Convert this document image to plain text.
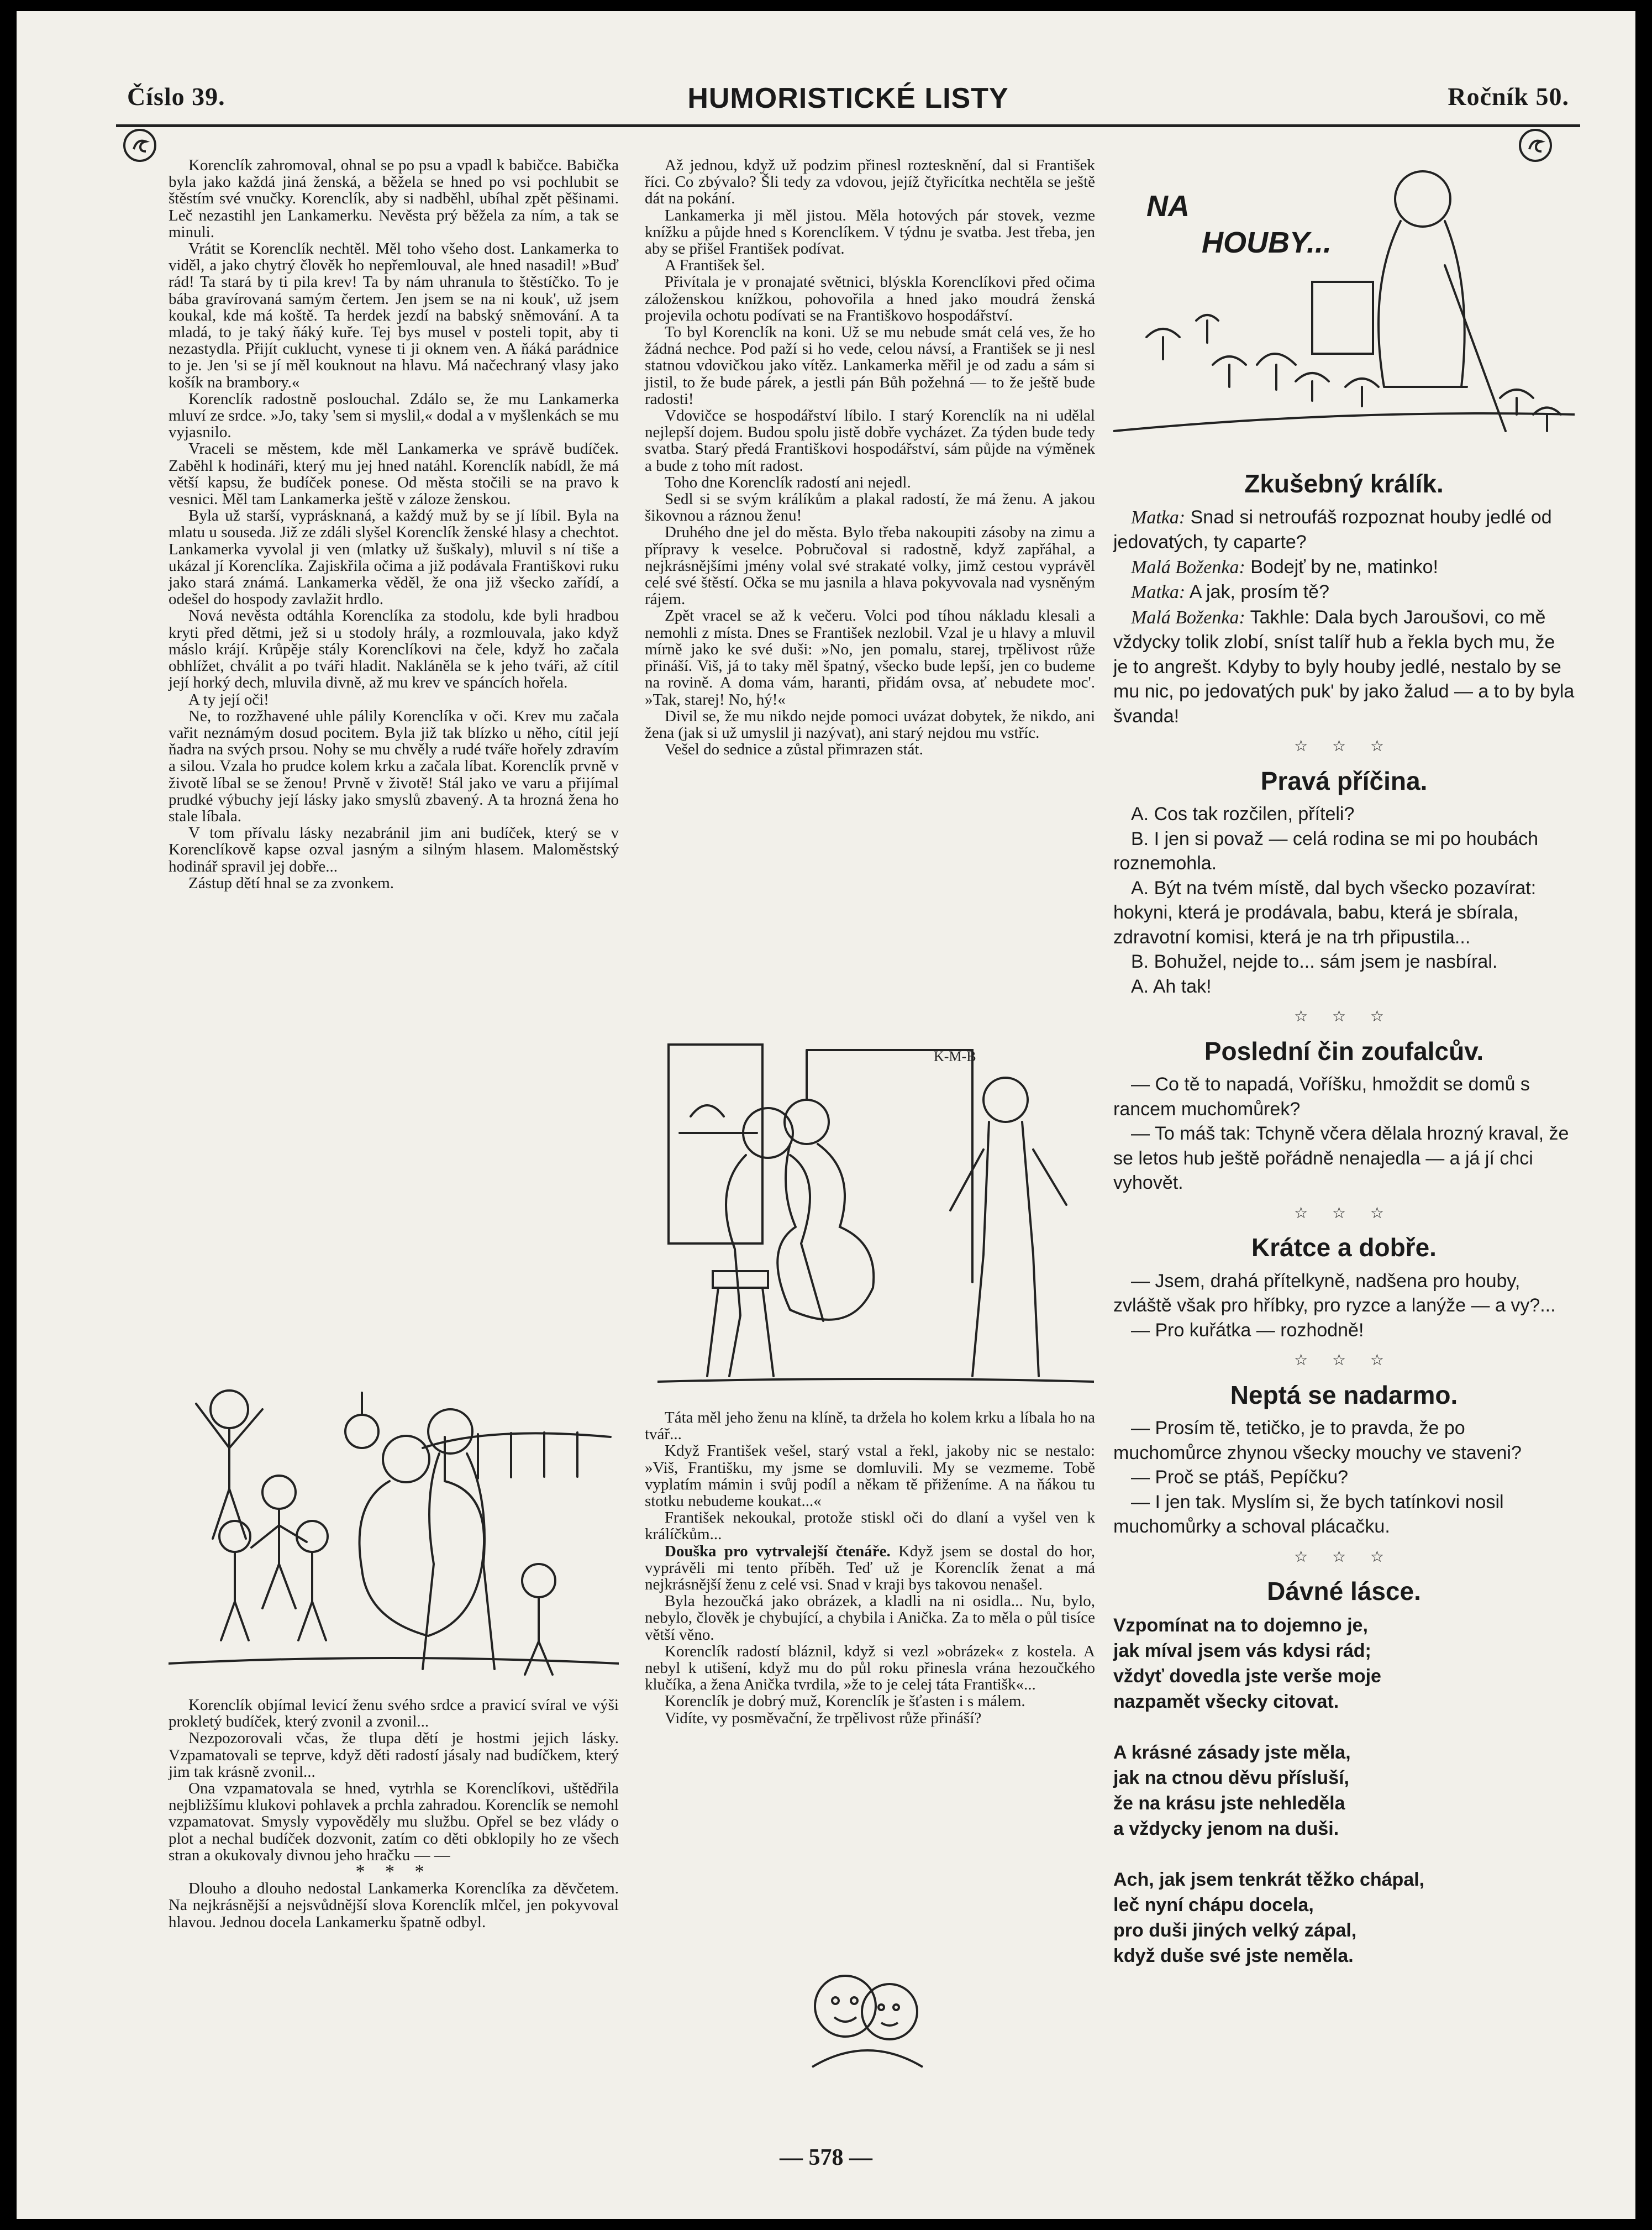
Číslo 39.	HUMORISTICKÉ LISTY	Ročník 50.

Korenclík zahromoval, ohnal se po psu a vpadl k babičce. Babička byla jako každá jiná ženská, a běžela se hned po vsi pochlubit se štěstím své vnučky. Korenclík, aby si nadběhl, ubíhal zpět pěšinami. Leč nezastihl jen Lankamerku. Nevěsta prý běžela za ním, a tak se minuli.

Vrátit se Korenclík nechtěl. Měl toho všeho dost. Lankamerka to viděl, a jako chytrý člověk ho nepřemlouval, ale hned nasadil! »Buď rád! Ta stará by ti pila krev! Ta by nám uhranula to štěstíčko. To je bába gravírovaná samým čertem. Jen jsem se na ni kouk', už jsem koukal, kde má koště. Ta herdek jezdí na babský sněmování. A ta mladá, to je taký ňáký kuře. Tej bys musel v posteli topit, aby ti nezastydla. Přijít cuklucht, vynese ti ji oknem ven. A ňáká parádnice to je. Jen 'si se jí měl kouknout na hlavu. Má načechraný vlasy jako košík na brambory.«

Korenclík radostně poslouchal. Zdálo se, že mu Lankamerka mluví ze srdce. »Jo, taky 'sem si myslil,« dodal a v myšlenkách se mu vyjasnilo.

Vraceli se městem, kde měl Lankamerka ve správě budíček. Zaběhl k hodináři, který mu jej hned natáhl. Korenclík nabídl, že má větší kapsu, že budíček ponese. Od města stočili se na pravo k vesnici. Měl tam Lankamerka ještě v záloze ženskou.

Byla už starší, vyprásknaná, a každý muž by se jí líbil. Byla na mlatu u souseda. Již ze zdáli slyšel Korenclík ženské hlasy a chechtot. Lankamerka vyvolal ji ven (mlatky už šuškaly), mluvil s ní tiše a ukázal jí Korenclíka. Zajiskřila očima a již podávala Františkovi ruku jako stará známá. Lankamerka věděl, že ona již všecko zařídí, a odešel do hospody zavlažit hrdlo.

Nová nevěsta odtáhla Korenclíka za stodolu, kde byli hradbou kryti před dětmi, jež si u stodoly hrály, a rozmlouvala, jako když máslo krájí. Krůpěje stály Korenclíkovi na čele, když ho začala obhlížet, chválit a po tváři hladit. Nakláněla se k jeho tváři, až cítil její horký dech, mluvila divně, až mu krev ve spáncích hořela.

A ty její oči!

Ne, to rozžhavené uhle pálily Korenclíka v oči. Krev mu začala vařit neznámým dosud pocitem. Byla již tak blízko u něho, cítil její ňadra na svých prsou. Nohy se mu chvěly a rudé tváře hořely zdravím a silou. Vzala ho prudce kolem krku a začala líbat. Korenclík prvně v životě líbal se se ženou! Prvně v životě! Stál jako ve varu a přijímal prudké výbuchy její lásky jako smyslů zbavený. A ta hrozná žena ho stale líbala.

V tom přívalu lásky nezabránil jim ani budíček, který se v Korenclíkově kapse ozval jasným a silným hlasem. Maloměstský hodinář spravil jej dobře...

Zástup dětí hnal se za zvonkem.

Korenclík objímal levicí ženu svého srdce a pravicí svíral ve výši prokletý budíček, který zvonil a zvonil...

Nezpozorovali včas, že tlupa dětí je hostmi jejich lásky. Vzpamatovali se teprve, když děti radostí jásaly nad budíčkem, který jim tak krásně zvonil...

Ona vzpamatovala se hned, vytrhla se Korenclíkovi, uštědřila nejbližšímu klukovi pohlavek a prchla zahradou. Korenclík se nemohl vzpamatovat. Smysly vypověděly mu službu. Opřel se bez vlády o plot a nechal budíček dozvonit, zatím co děti obklopily ho ze všech stran a okukovaly divnou jeho hračku — —

* * *

Dlouho a dlouho nedostal Lankamerka Korenclíka za děvčetem. Na nejkrásnější a nejsvůdnější slova Korenclík mlčel, jen pokyvoval hlavou. Jednou docela Lankamerku špatně odbyl.

Až jednou, když už podzim přinesl roztesknění, dal si František říci. Co zbývalo? Šli tedy za vdovou, jejíž čtyřicítka nechtěla se ještě dát na pokání.

Lankamerka ji měl jistou. Měla hotových pár stovek, vezme knížku a půjde hned s Korenclíkem. V týdnu je svatba. Jest třeba, jen aby se přišel František podívat.

A František šel.

Přivítala je v pronajaté světnici, blýskla Korenclíkovi před očima záloženskou knížkou, pohovořila a hned jako moudrá ženská projevila ochotu podívati se na Františkovo hospodářství.

To byl Korenclík na koni. Už se mu nebude smát celá ves, že ho žádná nechce. Pod paží si ho vede, celou návsí, a František se ji nesl statnou vdovičkou jako vítěz. Lankamerka měřil je od zadu a sám si jistil, to že bude párek, a jestli pán Bůh požehná — to že ještě bude radosti!

Vdovičce se hospodářství líbilo. I starý Korenclík na ni udělal nejlepší dojem. Budou spolu jistě dobře vycházet. Za týden bude tedy svatba. Starý předá Františkovi hospodářství, sám půjde na výměnek a bude z toho mít radost.

Toho dne Korenclík radostí ani nejedl.

Sedl si se svým králíkům a plakal radostí, že má ženu. A jakou šikovnou a ráznou ženu!

Druhého dne jel do města. Bylo třeba nakoupiti zásoby na zimu a přípravy k veselce. Pobručoval si radostně, když zapřáhal, a nejkrásnějšími jmény volal své strakaté volky, jimž cestou vyprávěl celé své štěstí. Očka se mu jasnila a hlava pokyvovala nad vysněným rájem.

Zpět vracel se až k večeru. Volci pod tíhou nákladu klesali a nemohli z místa. Dnes se František nezlobil. Vzal je u hlavy a mluvil mírně jako ke své duši: »No, jen pomalu, starej, trpělivost růže přináší. Viš, já to taky měl špatný, všecko bude lepší, jen co budeme na rovině. A doma vám, haranti, přidám ovsa, ať nebudete moc'. »Tak, starej! No, hý!«

Divil se, že mu nikdo nejde pomoci uvázat dobytek, že nikdo, ani žena (jak si už umyslil ji nazývat), ani starý nejdou mu vstříc.

Vešel do sednice a zůstal přimrazen stát.

K-M-B

Táta měl jeho ženu na klíně, ta držela ho kolem krku a líbala ho na tvář...

Když František vešel, starý vstal a řekl, jakoby nic se nestalo: »Viš, Františku, my jsme se domluvili. My se vezmeme. Tobě vyplatím mámin i svůj podíl a někam tě přiženíme. A na ňákou tu stotku nebudeme koukat...«

František nekoukal, protože stiskl oči do dlaní a vyšel ven k králíčkům...

Douška pro vytrvalejší čtenáře. Když jsem se dostal do hor, vyprávěli mi tento příběh. Teď už je Korenclík ženat a má nejkrásnější ženu z celé vsi. Snad v kraji bys takovou nenašel.

Byla hezoučká jako obrázek, a kladli na ni osidla... Nu, bylo, nebylo, člověk je chybující, a chybila i Anička. Za to měla o půl tisíce větší věno.

Korenclík radostí bláznil, když si vezl »obrázek« z kostela. A nebyl k utišení, když mu do půl roku přinesla vrána hezoučkého klučíka, a žena Anička tvrdila, »že to je celej táta Františk«...

Korenclík je dobrý muž, Korenclík je šťasten i s málem.

Vidíte, vy posměvační, že trpělivost růže přináší?

NA
HOUBY...
Zkušebný králík.

Matka: Snad si netroufáš rozpoznat houby jedlé od jedovatých, ty caparte?

Malá Boženka: Bodejť by ne, matinko!

Matka: A jak, prosím tě?

Malá Boženka: Takhle: Dala bych Jaroušovi, co mě vždycky tolik zlobí, sníst talíř hub a řekla bych mu, že je to angrešt. Kdyby to byly houby jedlé, nestalo by se mu nic, po jedovatých puk' by jako žalud — a to by byla švanda!

☆ ☆ ☆

Pravá příčina.

A. Cos tak rozčilen, příteli?

B. I jen si považ — celá rodina se mi po houbách roznemohla.

A. Být na tvém místě, dal bych všecko pozavírat: hokyni, která je prodávala, babu, která je sbírala, zdravotní komisi, která je na trh připustila...

B. Bohužel, nejde to... sám jsem je nasbíral.

A. Ah tak!

☆ ☆ ☆

Poslední čin zoufalcův.

— Co tě to napadá, Voříšku, hmoždit se domů s rancem muchomůrek?

— To máš tak: Tchyně včera dělala hrozný kraval, že se letos hub ještě pořádně nenajedla — a já jí chci vyhovět.

☆ ☆ ☆

Krátce a dobře.

— Jsem, drahá přítelkyně, nadšena pro houby, zvláště však pro hříbky, pro ryzce a lanýže — a vy?...

— Pro kuřátka — rozhodně!

☆ ☆ ☆

Neptá se nadarmo.

— Prosím tě, tetičko, je to pravda, že po muchomůrce zhynou všecky mouchy ve staveni?

— Proč se ptáš, Pepíčku?

— I jen tak. Myslím si, že bych tatínkovi nosil muchomůrky a schoval plácačku.

☆ ☆ ☆

Dávné lásce.

Vzpomínat na to dojemno je,

jak míval jsem vás kdysi rád;

vždyť dovedla jste verše moje

nazpamět všecky citovat.

A krásné zásady jste měla,

jak na ctnou děvu přísluší,

že na krásu jste nehleděla

a vždycky jenom na duši.

Ach, jak jsem tenkrát těžko chápal,

leč nyní chápu docela,

pro duši jiných velký zápal,

když duše své jste neměla.

— 578 —
